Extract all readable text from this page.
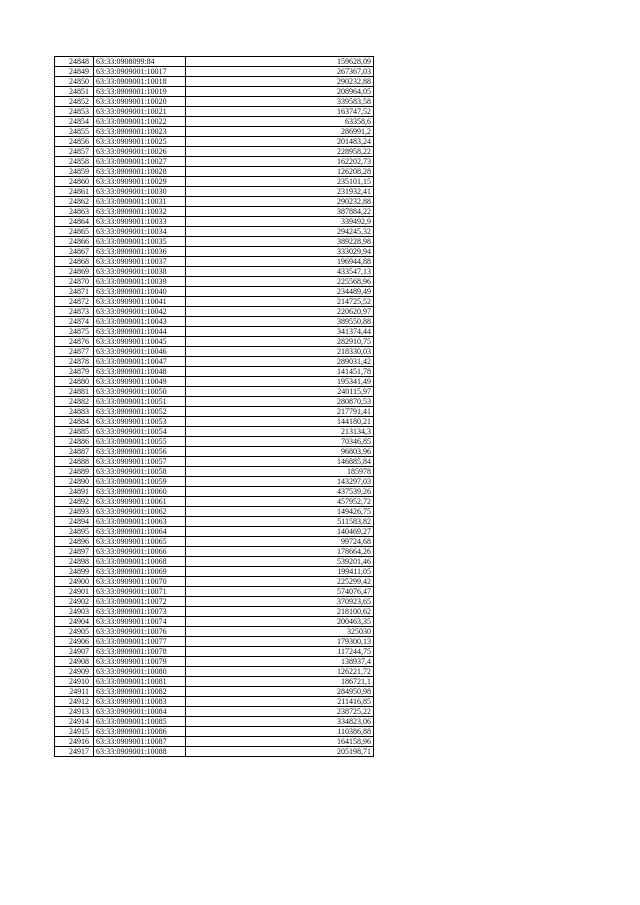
24848	63:33:0908099:84	159628,09
24849	63:33:0909001:10017	267367,03
24850	63:33:0909001:10018	290232,88
24851	63:33:0909001:10019	208964,05
24852	63:33:0909001:10020	339583,58
24853	63:33:0909001:10021	163747,52
24854	63:33:0909001:10022	63358,6
24855	63:33:0909001:10023	286991,2
24856	63:33:0909001:10025	201483,24
24857	63:33:0909001:10026	228958,22
24858	63:33:0909001:10027	162202,73
24859	63:33:0909001:10028	126208,28
24860	63:33:0909001:10029	235101,15
24861	63:33:0909001:10030	231932,41
24862	63:33:0909001:10031	290232,88
24863	63:33:0909001:10032	387884,22
24864	63:33:0909001:10033	339492,9
24865	63:33:0909001:10034	294245,32
24866	63:33:0909001:10035	389228,98
24867	63:33:0909001:10036	333029,94
24868	63:33:0909001:10037	196944,88
24869	63:33:0909001:10038	433547,13
24870	63:33:0909001:10039	225568,96
24871	63:33:0909001:10040	234489,49
24872	63:33:0909001:10041	214725,52
24873	63:33:0909001:10042	220620,97
24874	63:33:0909001:10043	389550,88
24875	63:33:0909001:10044	341374,44
24876	63:33:0909001:10045	282910,75
24877	63:33:0909001:10046	218330,03
24878	63:33:0909001:10047	289031,42
24879	63:33:0909001:10048	141451,78
24880	63:33:0909001:10049	195341,49
24881	63:33:0909001:10050	240115,97
24882	63:33:0909001:10051	280870,53
24883	63:33:0909001:10052	217791,41
24884	63:33:0909001:10053	144180,21
24885	63:33:0909001:10054	213134,3
24886	63:33:0909001:10055	70346,85
24887	63:33:0909001:10056	96803,96
24888	63:33:0909001:10057	146885,84
24889	63:33:0909001:10058	185978
24890	63:33:0909001:10059	143297,03
24891	63:33:0909001:10060	437539,26
24892	63:33:0909001:10061	457952,72
24893	63:33:0909001:10062	149426,75
24894	63:33:0909001:10063	511583,82
24895	63:33:0909001:10064	140469,27
24896	63:33:0909001:10065	99724,68
24897	63:33:0909001:10066	178664,26
24898	63:33:0909001:10068	539201,46
24899	63:33:0909001:10069	199411,05
24900	63:33:0909001:10070	225299,42
24901	63:33:0909001:10071	574076,47
24902	63:33:0909001:10072	370923,65
24903	63:33:0909001:10073	218100,62
24904	63:33:0909001:10074	200463,35
24905	63:33:0909001:10076	325030
24906	63:33:0909001:10077	179300,13
24907	63:33:0909001:10078	117244,75
24908	63:33:0909001:10079	138937,4
24909	63:33:0909001:10080	126221,72
24910	63:33:0909001:10081	186721,1
24911	63:33:0909001:10082	284950,98
24912	63:33:0909001:10083	211416,85
24913	63:33:0909001:10084	238725,22
24914	63:33:0909001:10085	334823,06
24915	63:33:0909001:10086	110386,88
24916	63:33:0909001:10087	164158,96
24917	63:33:0909001:10088	205198,71
